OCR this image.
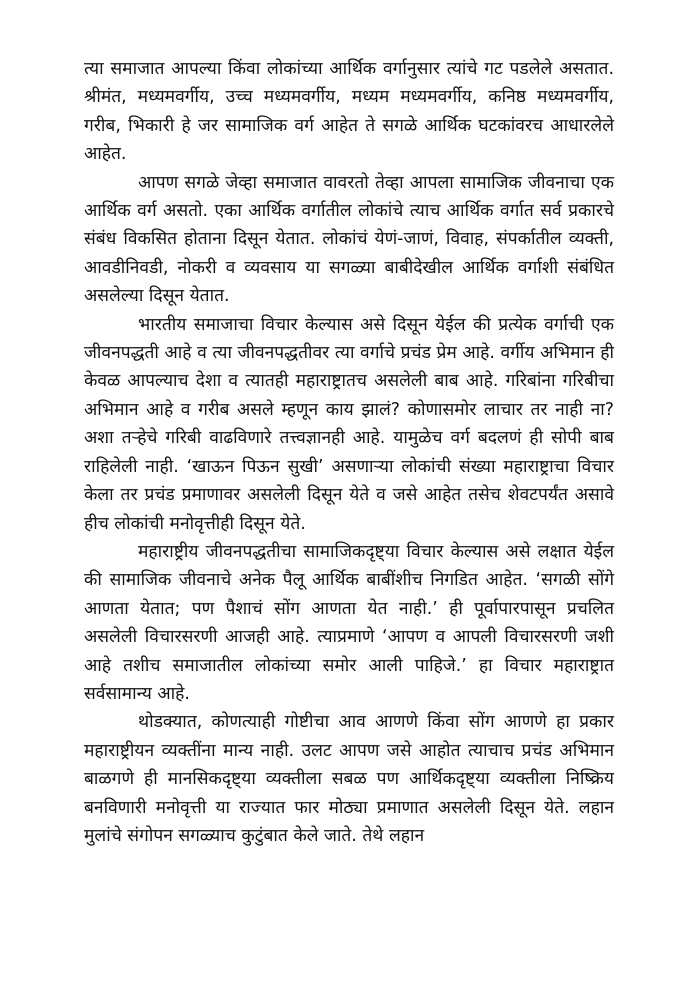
त्या समाजात आपल्या किंवा लोकांच्या आर्थिक वर्गानुसार त्यांचे गट पडलेले असतात. श्रीमंत, मध्यमवर्गीय, उच्च मध्यमवर्गीय, मध्यम मध्यमवर्गीय, कनिष्ठ मध्यमवर्गीय, गरीब, भिकारी हे जर सामाजिक वर्ग आहेत ते सगळे आर्थिक घटकांवरच आधारलेले आहेत.

आपण सगळे जेव्हा समाजात वावरतो तेव्हा आपला सामाजिक जीवनाचा एक आर्थिक वर्ग असतो. एका आर्थिक वर्गातील लोकांचे त्याच आर्थिक वर्गात सर्व प्रकारचे संबंध विकसित होताना दिसून येतात. लोकांचं येणं-जाणं, विवाह, संपर्कातील व्यक्ती, आवडीनिवडी, नोकरी व व्यवसाय या सगळ्या बाबीदेखील आर्थिक वर्गाशी संबंधित असलेल्या दिसून येतात.

भारतीय समाजाचा विचार केल्यास असे दिसून येईल की प्रत्येक वर्गाची एक जीवनपद्धती आहे व त्या जीवनपद्धतीवर त्या वर्गाचे प्रचंड प्रेम आहे. वर्गीय अभिमान ही केवळ आपल्याच देशा व त्यातही महाराष्ट्रातच असलेली बाब आहे. गरिबांना गरिबीचा अभिमान आहे व गरीब असले म्हणून काय झालं? कोणासमोर लाचार तर नाही ना? अशा तऱ्हेचे गरिबी वाढविणारे तत्त्वज्ञानही आहे. यामुळेच वर्ग बदलणं ही सोपी बाब राहिलेली नाही. ‘खाऊन पिऊन सुखी’ असणाऱ्या लोकांची संख्या महाराष्ट्राचा विचार केला तर प्रचंड प्रमाणावर असलेली दिसून येते व जसे आहेत तसेच शेवटपर्यंत असावे हीच लोकांची मनोवृत्तीही दिसून येते.

महाराष्ट्रीय जीवनपद्धतीचा सामाजिकदृष्ट्या विचार केल्यास असे लक्षात येईल की सामाजिक जीवनाचे अनेक पैलू आर्थिक बाबींशीच निगडित आहेत. ‘सगळी सोंगे आणता येतात; पण पैशाचं सोंग आणता येत नाही.’ ही पूर्वापारपासून प्रचलित असलेली विचारसरणी आजही आहे. त्याप्रमाणे ‘आपण व आपली विचारसरणी जशी आहे तशीच समाजातील लोकांच्या समोर आली पाहिजे.’ हा विचार महाराष्ट्रात सर्वसामान्य आहे.

थोडक्यात, कोणत्याही गोष्टीचा आव आणणे किंवा सोंग आणणे हा प्रकार महाराष्ट्रीयन व्यक्तींना मान्य नाही. उलट आपण जसे आहोत त्याचाच प्रचंड अभिमान बाळगणे ही मानसिकदृष्ट्या व्यक्तीला सबळ पण आर्थिकदृष्ट्या व्यक्तीला निष्क्रिय बनविणारी मनोवृत्ती या राज्यात फार मोठ्या प्रमाणात असलेली दिसून येते. लहान मुलांचे संगोपन सगळ्याच कुटुंबात केले जाते. तेथे लहान
